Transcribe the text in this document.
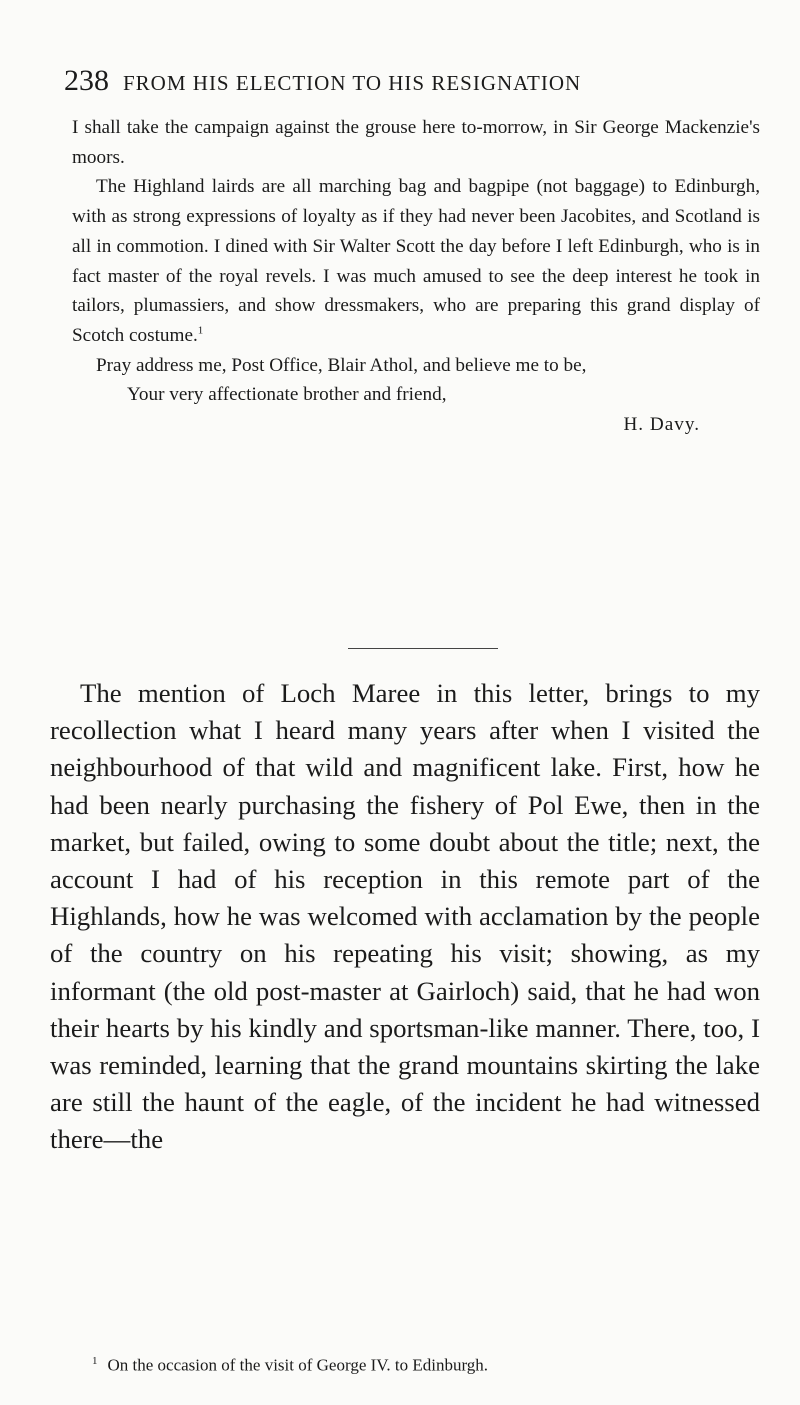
238 FROM HIS ELECTION TO HIS RESIGNATION

I shall take the campaign against the grouse here to-morrow, in Sir George Mackenzie's moors.

The Highland lairds are all marching bag and bagpipe (not baggage) to Edinburgh, with as strong expressions of loyalty as if they had never been Jacobites, and Scotland is all in commotion. I dined with Sir Walter Scott the day before I left Edinburgh, who is in fact master of the royal revels. I was much amused to see the deep interest he took in tailors, plumassiers, and show dressmakers, who are preparing this grand display of Scotch costume.$^1$

Pray address me, Post Office, Blair Athol, and believe me to be,

Your very affectionate brother and friend,

H. Davy.

The mention of Loch Maree in this letter, brings to my recollection what I heard many years after when I visited the neighbourhood of that wild and magnificent lake. First, how he had been nearly purchasing the fishery of Pol Ewe, then in the market, but failed, owing to some doubt about the title; next, the account I had of his reception in this remote part of the Highlands, how he was welcomed with acclamation by the people of the country on his repeating his visit; showing, as my informant (the old post-master at Gairloch) said, that he had won their hearts by his kindly and sportsman-like manner. There, too, I was reminded, learning that the grand mountains skirting the lake are still the haunt of the eagle, of the incident he had witnessed there—the

$^1$ On the occasion of the visit of George IV. to Edinburgh.
